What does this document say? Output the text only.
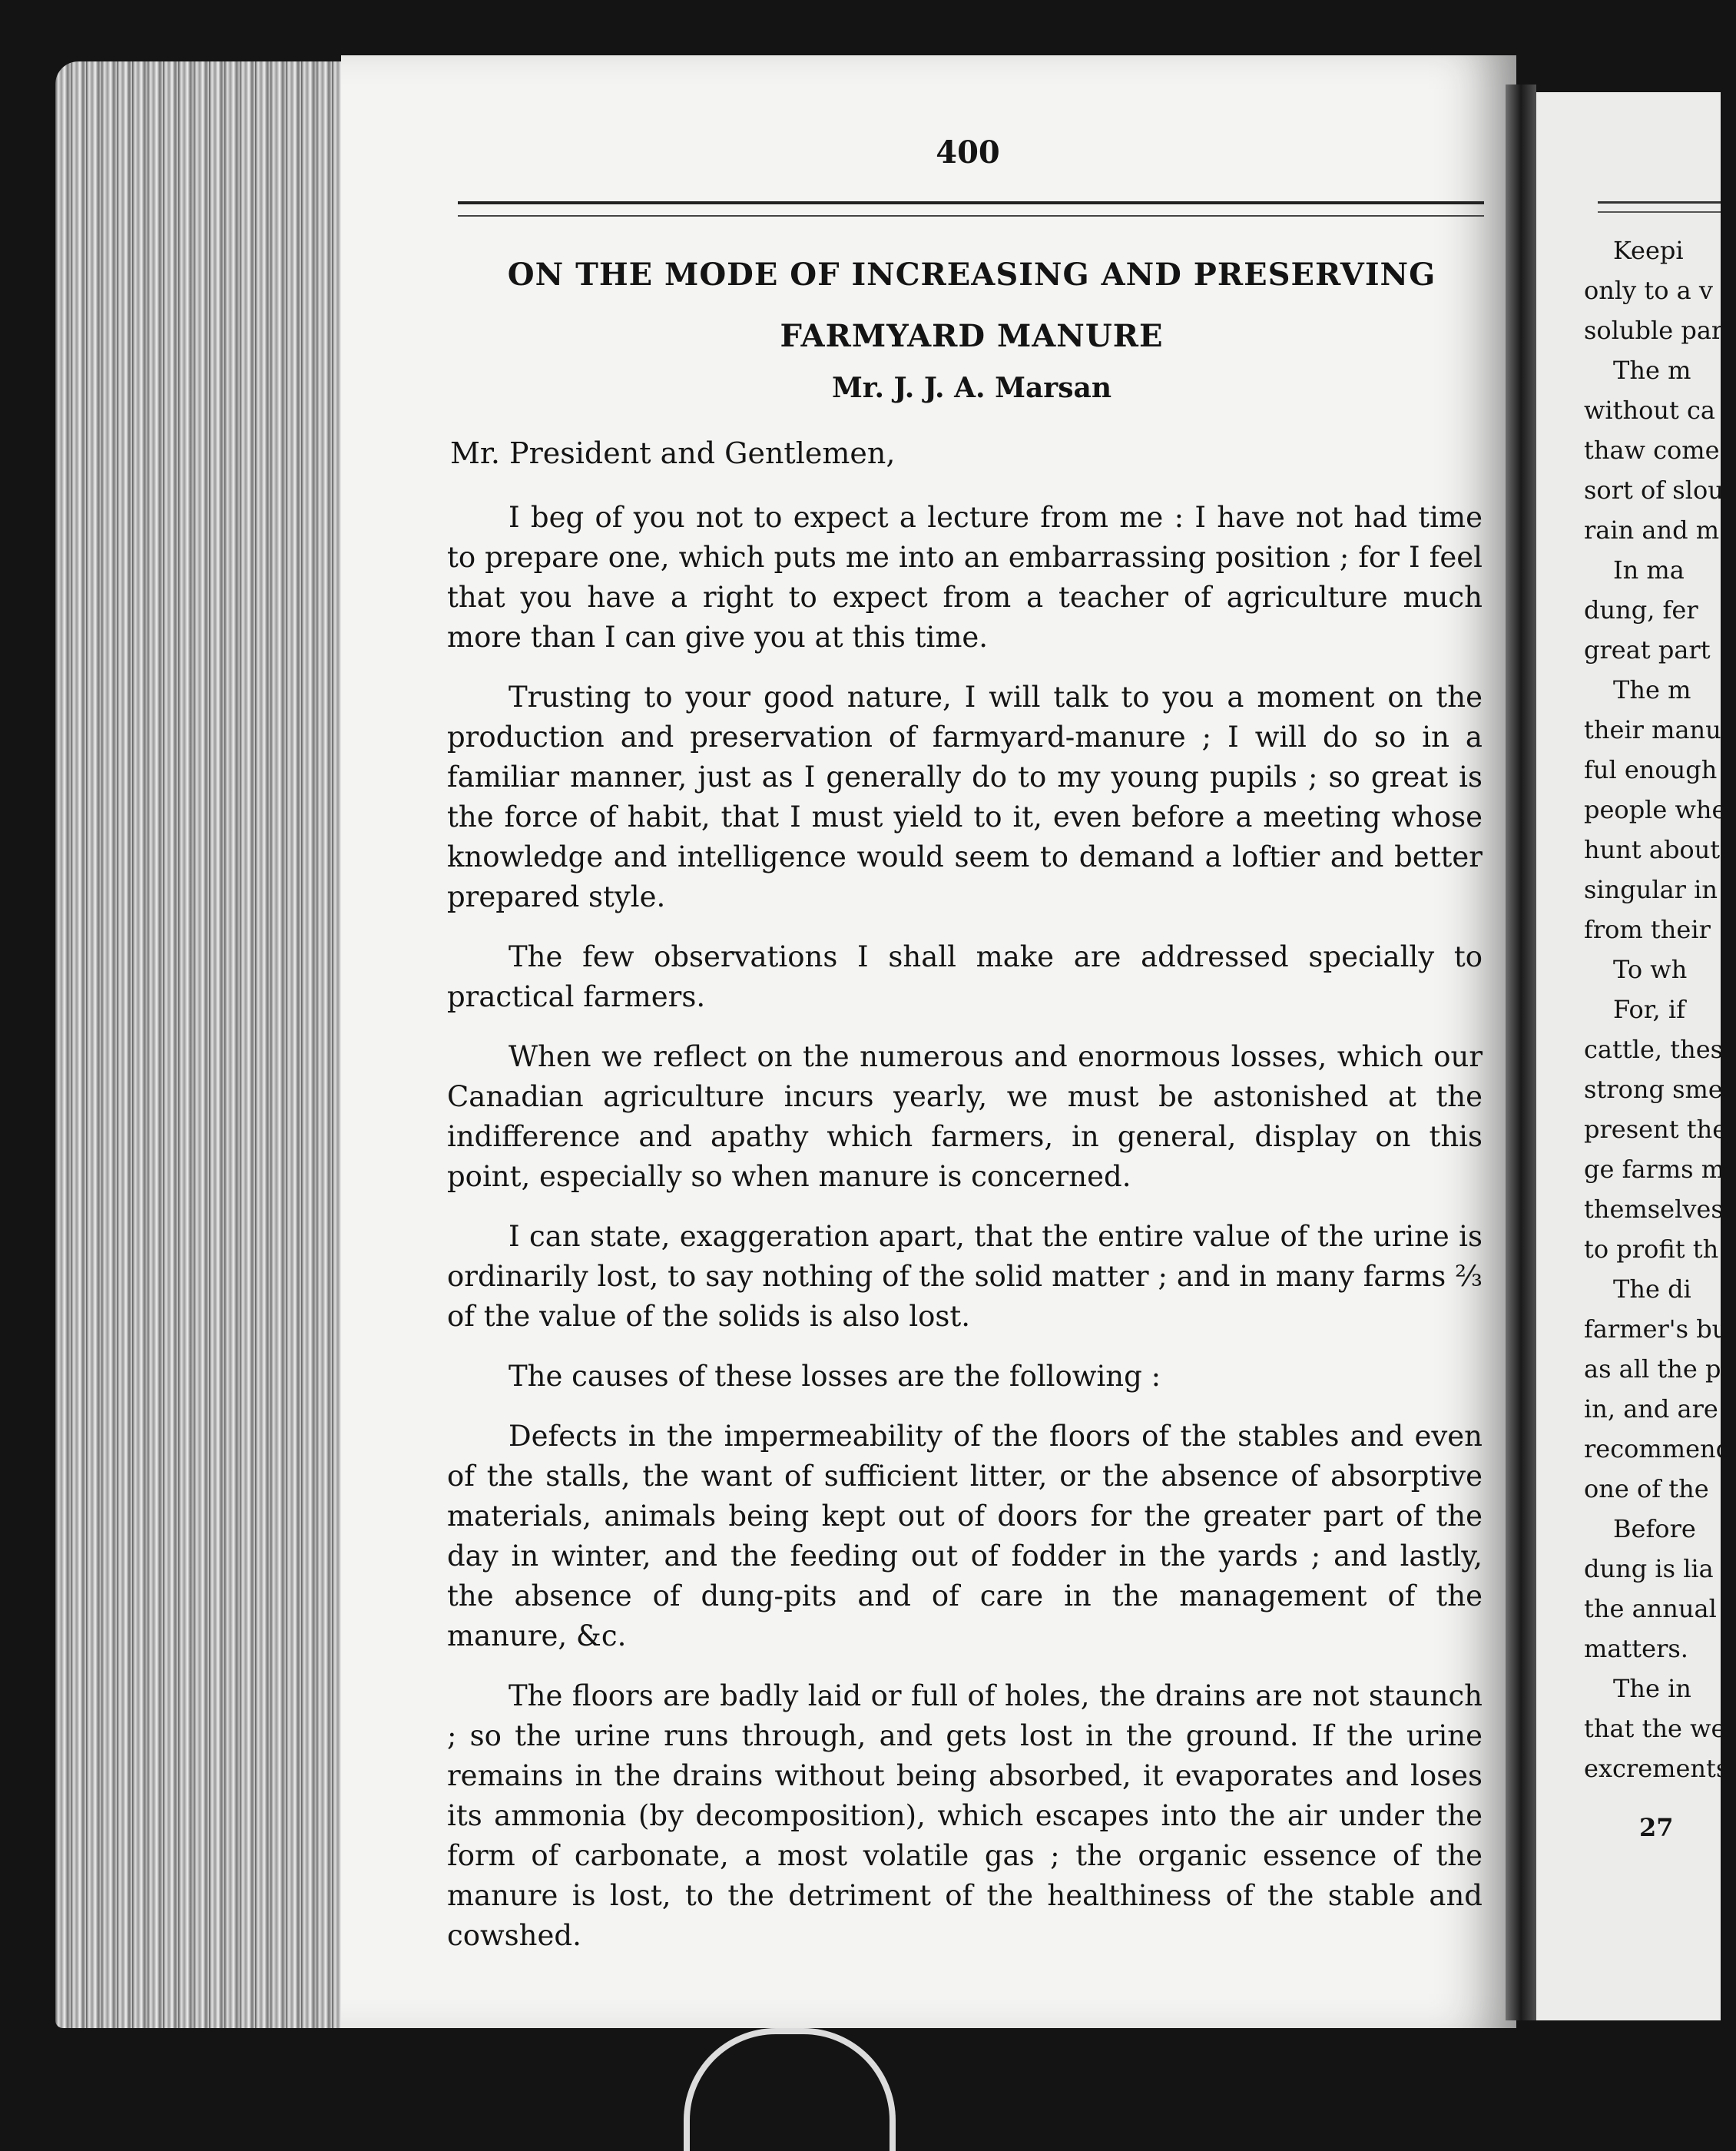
400
ON THE MODE OF INCREASING AND PRESERVING FARMYARD MANURE
Mr. J. J. A. Marsan
Mr. President and Gentlemen,

I beg of you not to expect a lecture from me : I have not had time to prepare one, which puts me into an embarrassing position ; for I feel that you have a right to expect from a teacher of agriculture much more than I can give you at this time.

Trusting to your good nature, I will talk to you a moment on the production and preservation of farmyard-manure ; I will do so in a familiar manner, just as I generally do to my young pupils ; so great is the force of habit, that I must yield to it, even before a meeting whose knowledge and intelligence would seem to demand a loftier and better prepared style.

The few observations I shall make are addressed specially to practical farmers.

When we reflect on the numerous and enormous losses, which our Canadian agriculture incurs yearly, we must be astonished at the indifference and apathy which farmers, in general, display on this point, especially so when manure is concerned.

I can state, exaggeration apart, that the entire value of the urine is ordinarily lost, to say nothing of the solid matter ; and in many farms ⅔ of the value of the solids is also lost.

The causes of these losses are the following :

Defects in the impermeability of the floors of the stables and even of the stalls, the want of sufficient litter, or the absence of absorptive materials, animals being kept out of doors for the greater part of the day in winter, and the feeding out of fodder in the yards ; and lastly, the absence of dung-pits and of care in the management of the manure, &c.

The floors are badly laid or full of holes, the drains are not staunch ; so the urine runs through, and gets lost in the ground. If the urine remains in the drains without being absorbed, it evaporates and loses its ammonia (by decomposition), which escapes into the air under the form of carbonate, a most volatile gas ; the organic essence of the manure is lost, to the detriment of the healthiness of the stable and cowshed.

Keepi
only to a v
soluble par
The m
without ca
thaw come
sort of slou
rain and m
In ma
dung, fer
great part
The m
their manu
ful enough
people whe
hunt about
singular in
from their
To wh
For, if
cattle, thes
strong sme
present the
ge farms m
themselves
to profit th
The di
farmer's bu
as all the p
in, and are
recommend
one of the
Before
dung is lia
the annual
matters.
The in
that the we
excrements,
27
